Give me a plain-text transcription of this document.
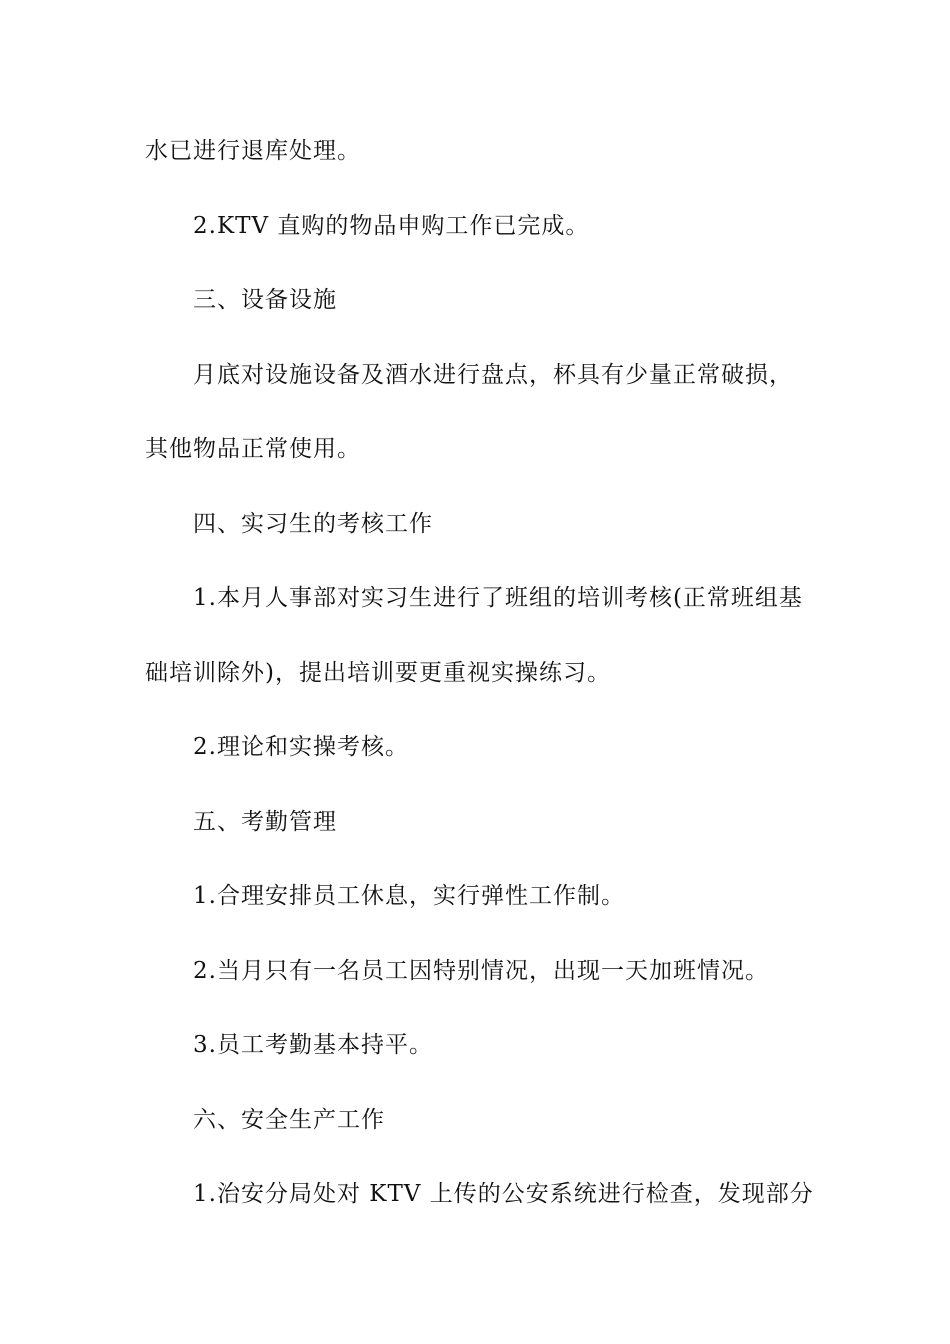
水已进行退库处理。
2.KTV 直购的物品申购工作已完成。
三、设备设施
月底对设施设备及酒水进行盘点，杯具有少量正常破损，
其他物品正常使用。
四、实习生的考核工作
1.本月人事部对实习生进行了班组的培训考核(正常班组基
础培训除外)，提出培训要更重视实操练习。
2.理论和实操考核。
五、考勤管理
1.合理安排员工休息，实行弹性工作制。
2.当月只有一名员工因特别情况，出现一天加班情况。
3.员工考勤基本持平。
六、安全生产工作
1.治安分局处对 KTV 上传的公安系统进行检查，发现部分
